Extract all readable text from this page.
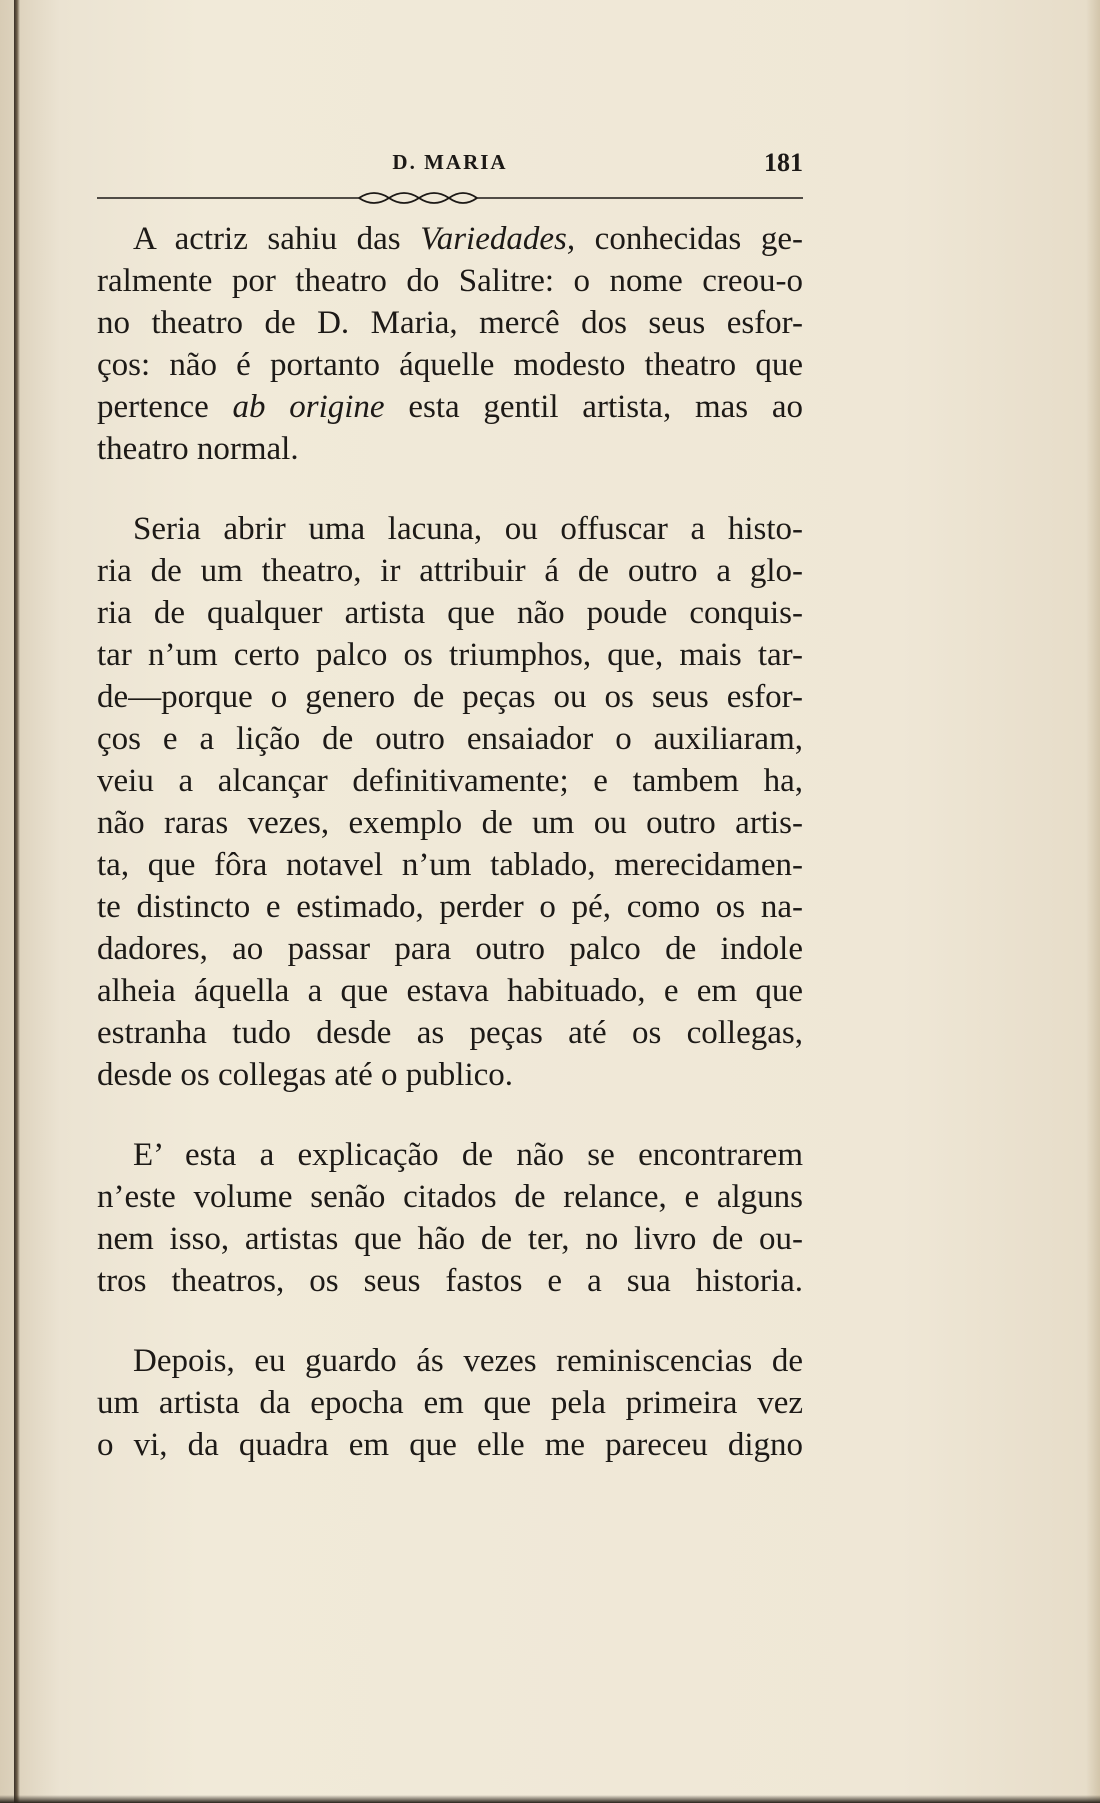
D. MARIA	181
A actriz sahiu das Variedades, conhecidas ge-
ralmente por theatro do Salitre: o nome creou-o
no theatro de D. Maria, mercê dos seus esfor-
ços: não é portanto áquelle modesto theatro que
pertence ab origine esta gentil artista, mas ao
theatro normal.
Seria abrir uma lacuna, ou offuscar a histo-
ria de um theatro, ir attribuir á de outro a glo-
ria de qualquer artista que não poude conquis-
tar n’um certo palco os triumphos, que, mais tar-
de—porque o genero de peças ou os seus esfor-
ços e a lição de outro ensaiador o auxiliaram,
veiu a alcançar definitivamente; e tambem ha,
não raras vezes, exemplo de um ou outro artis-
ta, que fôra notavel n’um tablado, merecidamen-
te distincto e estimado, perder o pé, como os na-
dadores, ao passar para outro palco de indole
alheia áquella a que estava habituado, e em que
estranha tudo desde as peças até os collegas,
desde os collegas até o publico.
E’ esta a explicação de não se encontrarem
n’este volume senão citados de relance, e alguns
nem isso, artistas que hão de ter, no livro de ou-
tros theatros, os seus fastos e a sua historia.
Depois, eu guardo ás vezes reminiscencias de
um artista da epocha em que pela primeira vez
o vi, da quadra em que elle me pareceu digno
